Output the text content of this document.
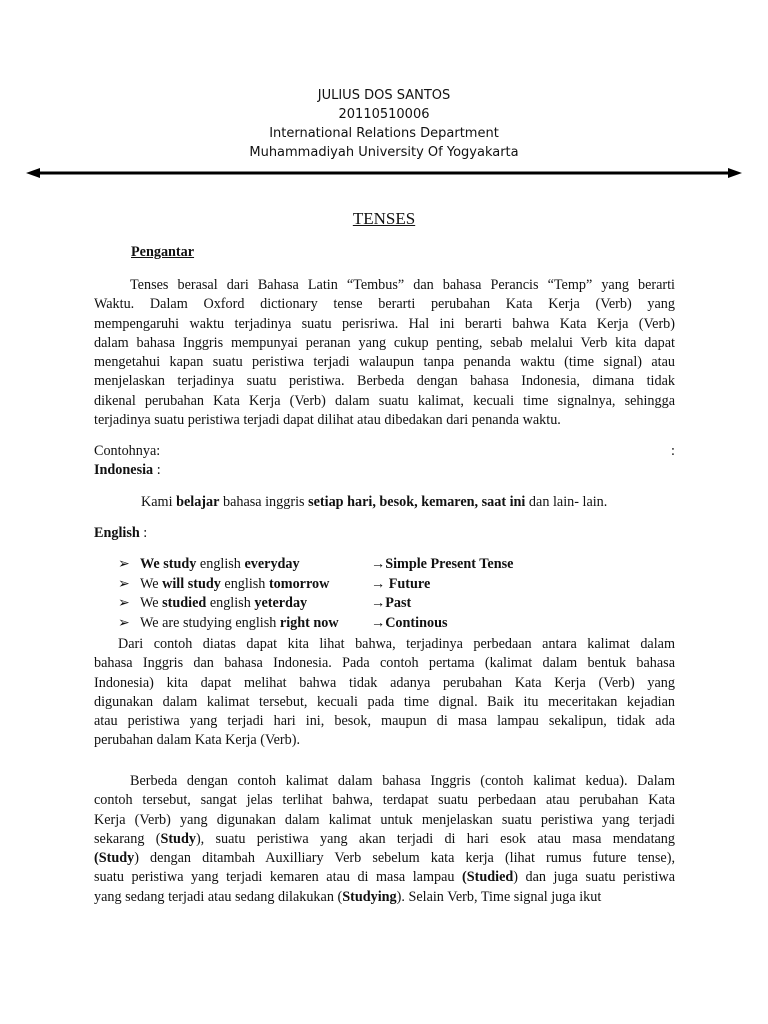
JULIUS DOS SANTOS
20110510006
International Relations Department
Muhammadiyah University Of Yogyakarta
TENSES
Pengantar
Tenses berasal dari Bahasa Latin “Tembus” dan bahasa Perancis “Temp” yang berarti
Waktu. Dalam Oxford dictionary tense berarti perubahan Kata Kerja (Verb) yang
mempengaruhi waktu terjadinya suatu perisriwa. Hal ini berarti bahwa Kata Kerja (Verb)
dalam bahasa Inggris mempunyai peranan yang cukup penting, sebab melalui Verb kita dapat
mengetahui kapan suatu peristiwa terjadi walaupun tanpa penanda waktu (time signal) atau
menjelaskan terjadinya suatu peristiwa. Berbeda dengan bahasa Indonesia, dimana tidak
dikenal perubahan Kata Kerja (Verb) dalam suatu kalimat, kecuali time signalnya, sehingga
terjadinya suatu peristiwa terjadi dapat dilihat atau dibedakan dari penanda waktu.
Contohnya:	:
Indonesia :
Kami belajar bahasa inggris setiap hari, besok, kemaren, saat ini dan lain- lain.
English :
➢ We study english everyday	→Simple Present Tense
➢ We will study english tomorrow	→ Future
➢ We studied english yeterday	→Past
➢ We are studying english right now →Continous
Dari contoh diatas dapat kita lihat bahwa, terjadinya perbedaan antara kalimat dalam
bahasa Inggris dan bahasa Indonesia. Pada contoh pertama (kalimat dalam bentuk bahasa
Indonesia) kita dapat melihat bahwa tidak adanya perubahan Kata Kerja (Verb) yang
digunakan dalam kalimat tersebut, kecuali pada time dignal. Baik itu meceritakan kejadian
atau peristiwa yang terjadi hari ini, besok, maupun di masa lampau sekalipun, tidak ada
perubahan dalam Kata Kerja (Verb).
Berbeda dengan contoh kalimat dalam bahasa Inggris (contoh kalimat kedua). Dalam
contoh tersebut, sangat jelas terlihat bahwa, terdapat suatu perbedaan atau perubahan Kata
Kerja (Verb) yang digunakan dalam kalimat untuk menjelaskan suatu peristiwa yang terjadi
sekarang (Study), suatu peristiwa yang akan terjadi di hari esok atau masa mendatang
(Study) dengan ditambah Auxilliary Verb sebelum kata kerja (lihat rumus future tense),
suatu peristiwa yang terjadi kemaren atau di masa lampau (Studied) dan juga suatu peristiwa
yang sedang terjadi atau sedang dilakukan (Studying). Selain Verb, Time signal juga ikut
